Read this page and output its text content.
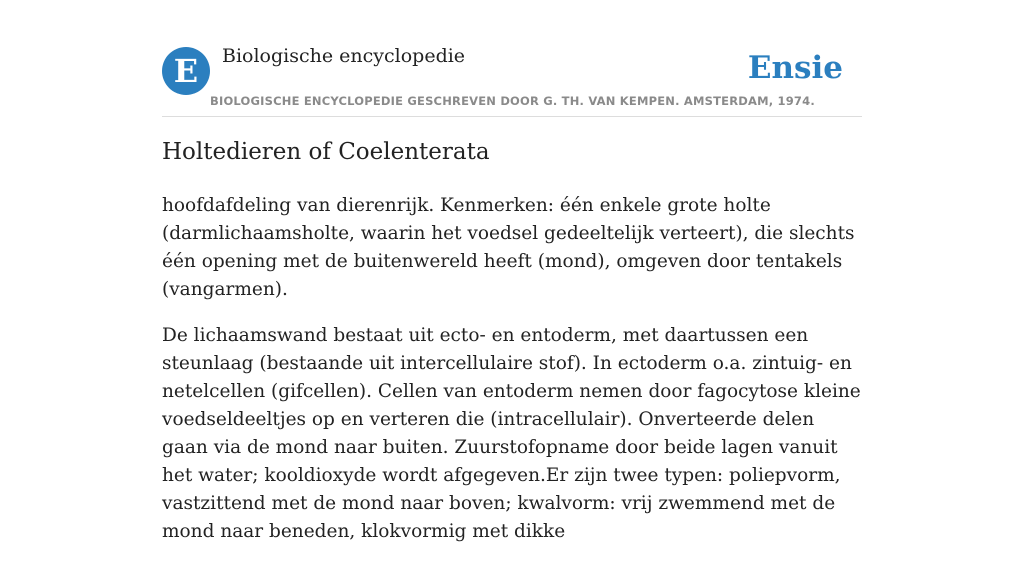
E	Biologische encyclopedie	Ensie
BIOLOGISCHE ENCYCLOPEDIE GESCHREVEN DOOR G. TH. VAN KEMPEN. AMSTERDAM, 1974.
Holtedieren of Coelenterata

hoofdafdeling van dierenrijk. Kenmerken: één enkele grote holte (darmlichaamsholte, waarin het voedsel gedeeltelijk verteert), die slechts één opening met de buitenwereld heeft (mond), omgeven door tentakels (vangarmen).

De lichaamswand bestaat uit ecto- en entoderm, met daartussen een steunlaag (bestaande uit intercellulaire stof). In ectoderm o.a. zintuig- en netelcellen (gifcellen). Cellen van entoderm nemen door fagocytose kleine voedseldeeltjes op en verteren die (intracellulair). Onverteerde delen gaan via de mond naar buiten. Zuurstofopname door beide lagen vanuit het water; kooldioxyde wordt afgegeven.Er zijn twee typen: poliepvorm, vastzittend met de mond naar boven; kwalvorm: vrij zwemmend met de mond naar beneden, klokvormig met dikke
